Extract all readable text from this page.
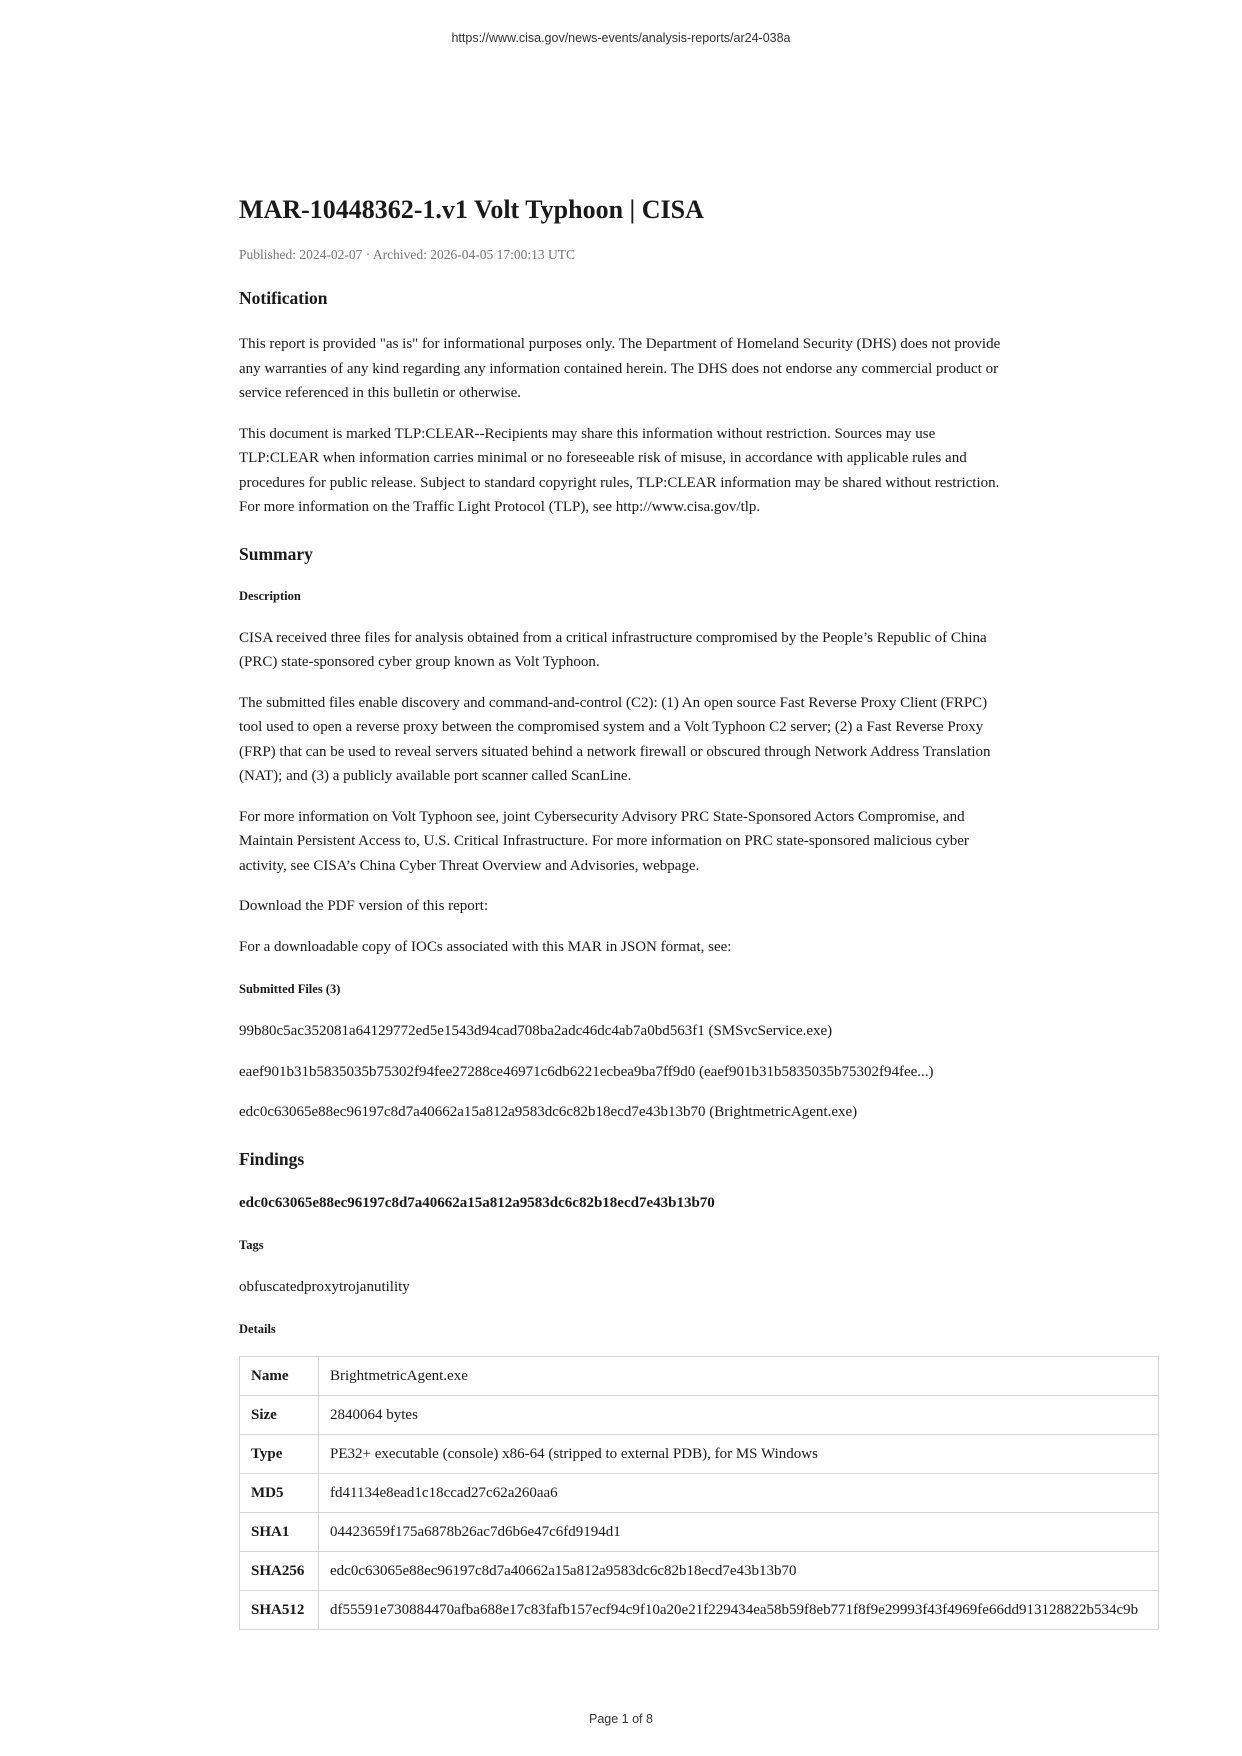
https://www.cisa.gov/news-events/analysis-reports/ar24-038a
MAR-10448362-1.v1 Volt Typhoon | CISA
Published: 2024-02-07 · Archived: 2026-04-05 17:00:13 UTC
Notification

This report is provided "as is" for informational purposes only. The Department of Homeland Security (DHS) does not provide any warranties of any kind regarding any information contained herein. The DHS does not endorse any commercial product or service referenced in this bulletin or otherwise.

This document is marked TLP:CLEAR--Recipients may share this information without restriction. Sources may use TLP:CLEAR when information carries minimal or no foreseeable risk of misuse, in accordance with applicable rules and procedures for public release. Subject to standard copyright rules, TLP:CLEAR information may be shared without restriction. For more information on the Traffic Light Protocol (TLP), see http://www.cisa.gov/tlp.

Summary
Description

CISA received three files for analysis obtained from a critical infrastructure compromised by the People’s Republic of China (PRC) state-sponsored cyber group known as Volt Typhoon.

The submitted files enable discovery and command-and-control (C2): (1) An open source Fast Reverse Proxy Client (FRPC) tool used to open a reverse proxy between the compromised system and a Volt Typhoon C2 server; (2) a Fast Reverse Proxy (FRP) that can be used to reveal servers situated behind a network firewall or obscured through Network Address Translation (NAT); and (3) a publicly available port scanner called ScanLine.

For more information on Volt Typhoon see, joint Cybersecurity Advisory PRC State-Sponsored Actors Compromise, and Maintain Persistent Access to, U.S. Critical Infrastructure. For more information on PRC state-sponsored malicious cyber activity, see CISA’s China Cyber Threat Overview and Advisories, webpage.

Download the PDF version of this report:

For a downloadable copy of IOCs associated with this MAR in JSON format, see:

Submitted Files (3)

99b80c5ac352081a64129772ed5e1543d94cad708ba2adc46dc4ab7a0bd563f1 (SMSvcService.exe)

eaef901b31b5835035b75302f94fee27288ce46971c6db6221ecbea9ba7ff9d0 (eaef901b31b5835035b75302f94fee...)

edc0c63065e88ec96197c8d7a40662a15a812a9583dc6c82b18ecd7e43b13b70 (BrightmetricAgent.exe)

Findings
edc0c63065e88ec96197c8d7a40662a15a812a9583dc6c82b18ecd7e43b13b70
Tags

obfuscatedproxytrojanutility

Details
Name	BrightmetricAgent.exe
Size	2840064 bytes
Type	PE32+ executable (console) x86-64 (stripped to external PDB), for MS Windows
MD5	fd41134e8ead1c18ccad27c62a260aa6
SHA1	04423659f175a6878b26ac7d6b6e47c6fd9194d1
SHA256	edc0c63065e88ec96197c8d7a40662a15a812a9583dc6c82b18ecd7e43b13b70
SHA512	df55591e730884470afba688e17c83fafb157ecf94c9f10a20e21f229434ea58b59f8eb771f8f9e29993f43f4969fe66dd913128822b534c9b
Page 1 of 8
